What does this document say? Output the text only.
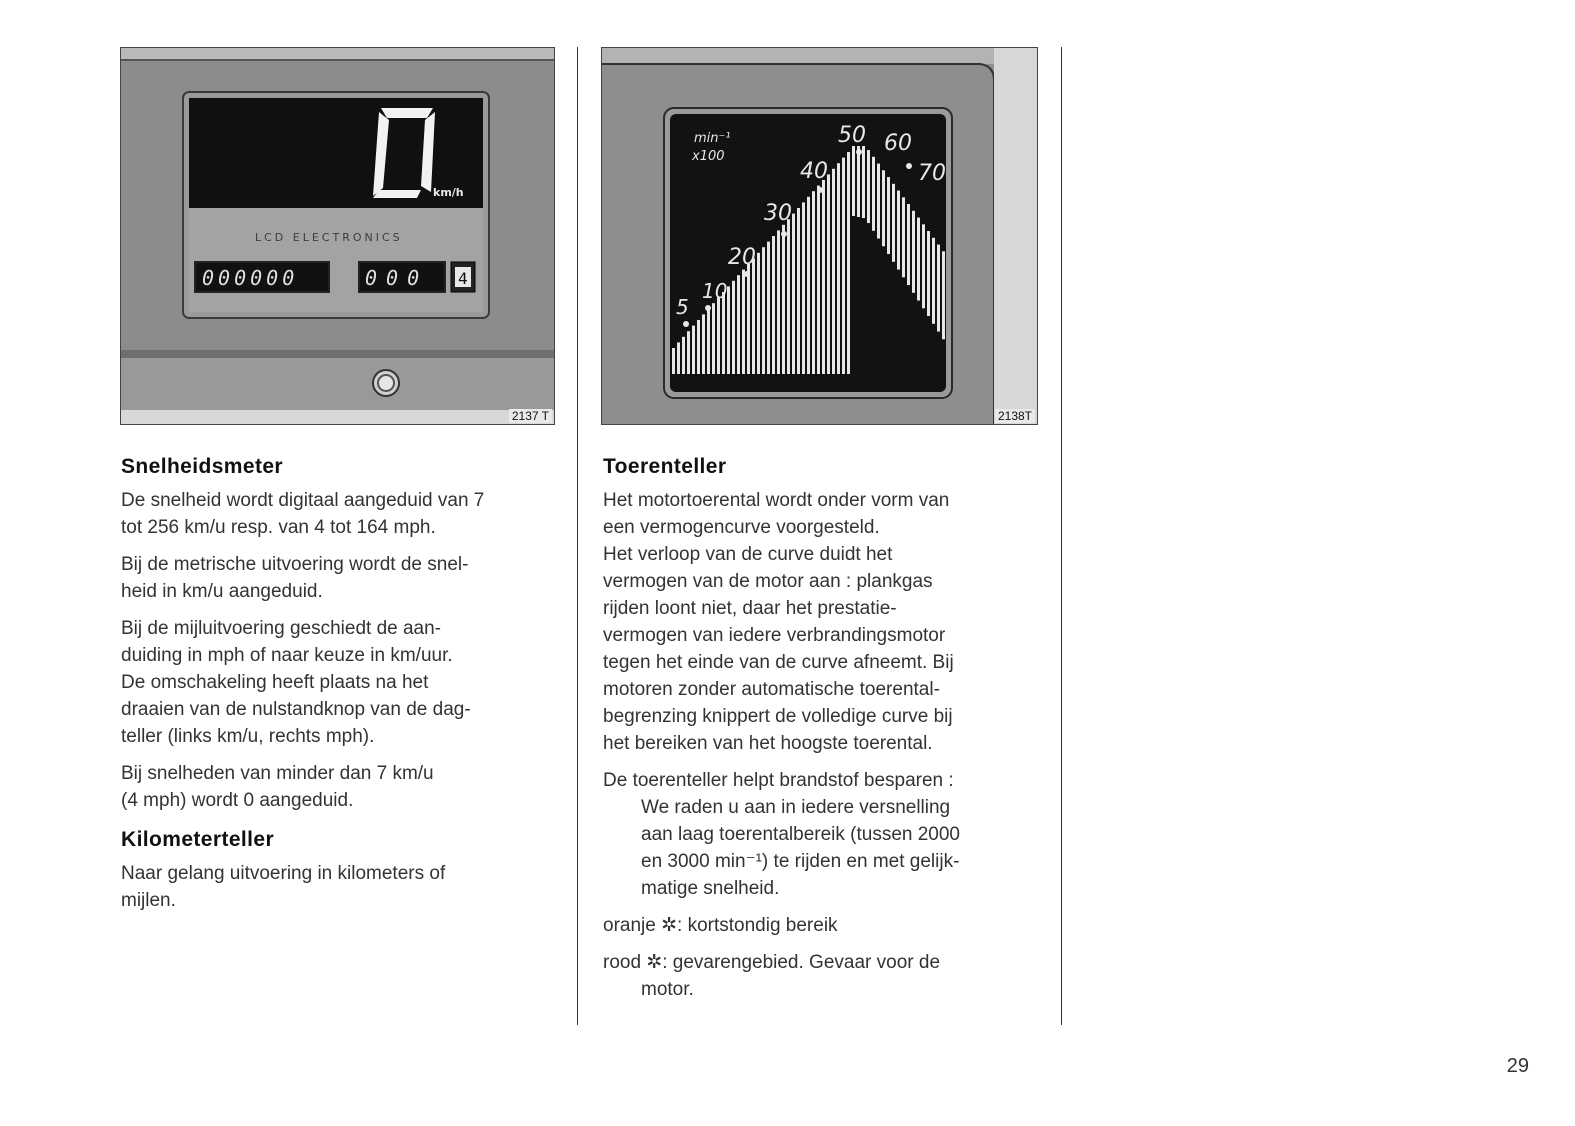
km/h
LCD ELECTRONICS
000000	000 4
2137 T
min⁻¹
x100
5
10
20
30
40
50 60
70
2138T
Snelheidsmeter

De snelheid wordt digitaal aangeduid van 7
tot 256 km/u resp. van 4 tot 164 mph.

Bij de metrische uitvoering wordt de snel-
heid in km/u aangeduid.

Bij de mijluitvoering geschiedt de aan-
duiding in mph of naar keuze in km/uur.
De omschakeling heeft plaats na het
draaien van de nulstandknop van de dag-
teller (links km/u, rechts mph).

Bij snelheden van minder dan 7 km/u
(4 mph) wordt 0 aangeduid.

Kilometerteller

Naar gelang uitvoering in kilometers of
mijlen.

Toerenteller

Het motortoerental wordt onder vorm van
een vermogencurve voorgesteld.
Het verloop van de curve duidt het
vermogen van de motor aan : plankgas
rijden loont niet, daar het prestatie-
vermogen van iedere verbrandingsmotor
tegen het einde van de curve afneemt. Bij
motoren zonder automatische toerental-
begrenzing knippert de volledige curve bij
het bereiken van het hoogste toerental.

De toerenteller helpt brandstof besparen :

We raden u aan in iedere versnelling
aan laag toerentalbereik (tussen 2000
en 3000 min⁻¹) te rijden en met gelijk-
matige snelheid.

oranje ✲: kortstondig bereik

rood ✲: gevarengebied. Gevaar voor de

motor.

29
